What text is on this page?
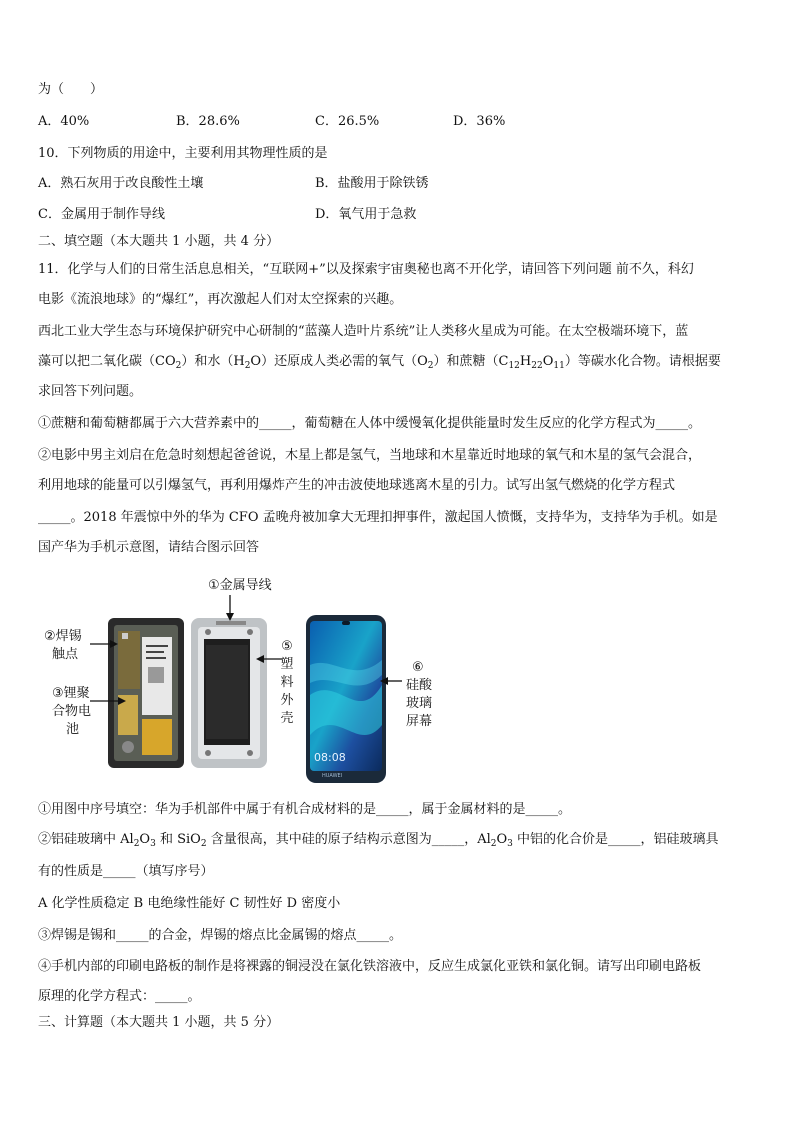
为（　　）
A．40%	B．28.6%	C．26.5%	D．36%
10．下列物质的用途中，主要利用其物理性质的是
A．熟石灰用于改良酸性土壤	B．盐酸用于除铁锈
C．金属用于制作导线	D．氧气用于急救
二、填空题（本大题共 1 小题，共 4 分）
11．化学与人们的日常生活息息相关，“互联网+”以及探索宇宙奥秘也离不开化学，请回答下列问题 前不久，科幻
电影《流浪地球》的“爆红”，再次激起人们对太空探索的兴趣。
西北工业大学生态与环境保护研究中心研制的“蓝藻人造叶片系统”让人类移火星成为可能。在太空极端环境下，蓝
藻可以把二氧化碳$(CO_2)$和水$(H_2O)$还原成人类必需的氧气$(O_2)$和蔗糖$(C_{12}H_{22}O_{11})$等碳水化合物。请根据要
求回答下列问题。
①蔗糖和葡萄糖都属于六大营养素中的_____，葡萄糖在人体中缓慢氧化提供能量时发生反应的化学方程式为_____。
②电影中男主刘启在危急时刻想起爸爸说，木星上都是氢气，当地球和木星靠近时地球的氧气和木星的氢气会混合，
利用地球的能量可以引爆氢气，再利用爆炸产生的冲击波使地球逃离木星的引力。试写出氢气燃烧的化学方程式
_____。2018 年震惊中外的华为 CFO 孟晚舟被加拿大无理扣押事件，激起国人愤慨，支持华为，支持华为手机。如是
国产华为手机示意图，请结合图示回答
①金属导线
②焊锡
触点
③锂聚
合物电
池
⑤
塑
料
外
壳
⑥
硅酸
玻璃
屏幕
08:08
HUAWEI
①用图中序号填空：华为手机部件中属于有机合成材料的是_____，属于金属材料的是_____。
②铝硅玻璃中 $Al_2O_3$ 和 SiO$_2$ 含量很高，其中硅的原子结构示意图为_____，$Al_2O_3$ 中铝的化合价是_____，铝硅玻璃具
有的性质是_____（填写序号）
A 化学性质稳定 B 电绝缘性能好 C 韧性好 D 密度小
③焊锡是锡和_____的合金，焊锡的熔点比金属锡的熔点_____。
④手机内部的印刷电路板的制作是将裸露的铜浸没在氯化铁溶液中，反应生成氯化亚铁和氯化铜。请写出印刷电路板
原理的化学方程式：_____。
三、计算题（本大题共 1 小题，共 5 分）
